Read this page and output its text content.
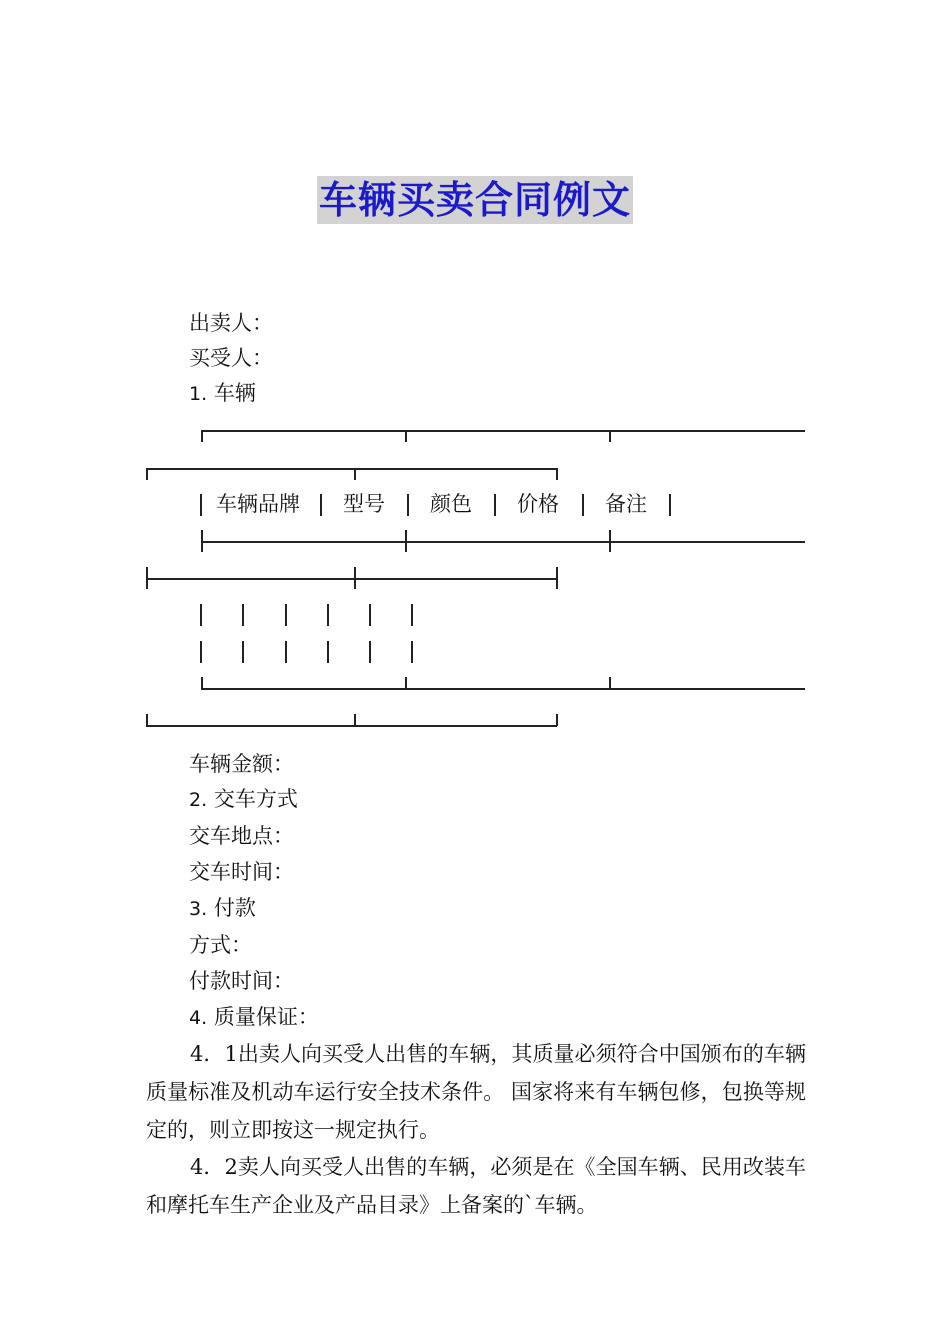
车辆买卖合同例文
出卖人：
买受人：
1. 车辆
车辆品牌 型号 颜色 价格 备注
车辆金额：
2. 交车方式
交车地点：
交车时间：
3. 付款
方式：
付款时间：
4. 质量保证：
4．1出卖人向买受人出售的车辆，其质量必须符合中国颁布的车辆质量标准及机动车运行安全技术条件。 国家将来有车辆包修，包换等规定的，则立即按这一规定执行。
4．2卖人向买受人出售的车辆，必须是在《全国车辆、民用改装车和摩托车生产企业及产品目录》上备案的`车辆。
